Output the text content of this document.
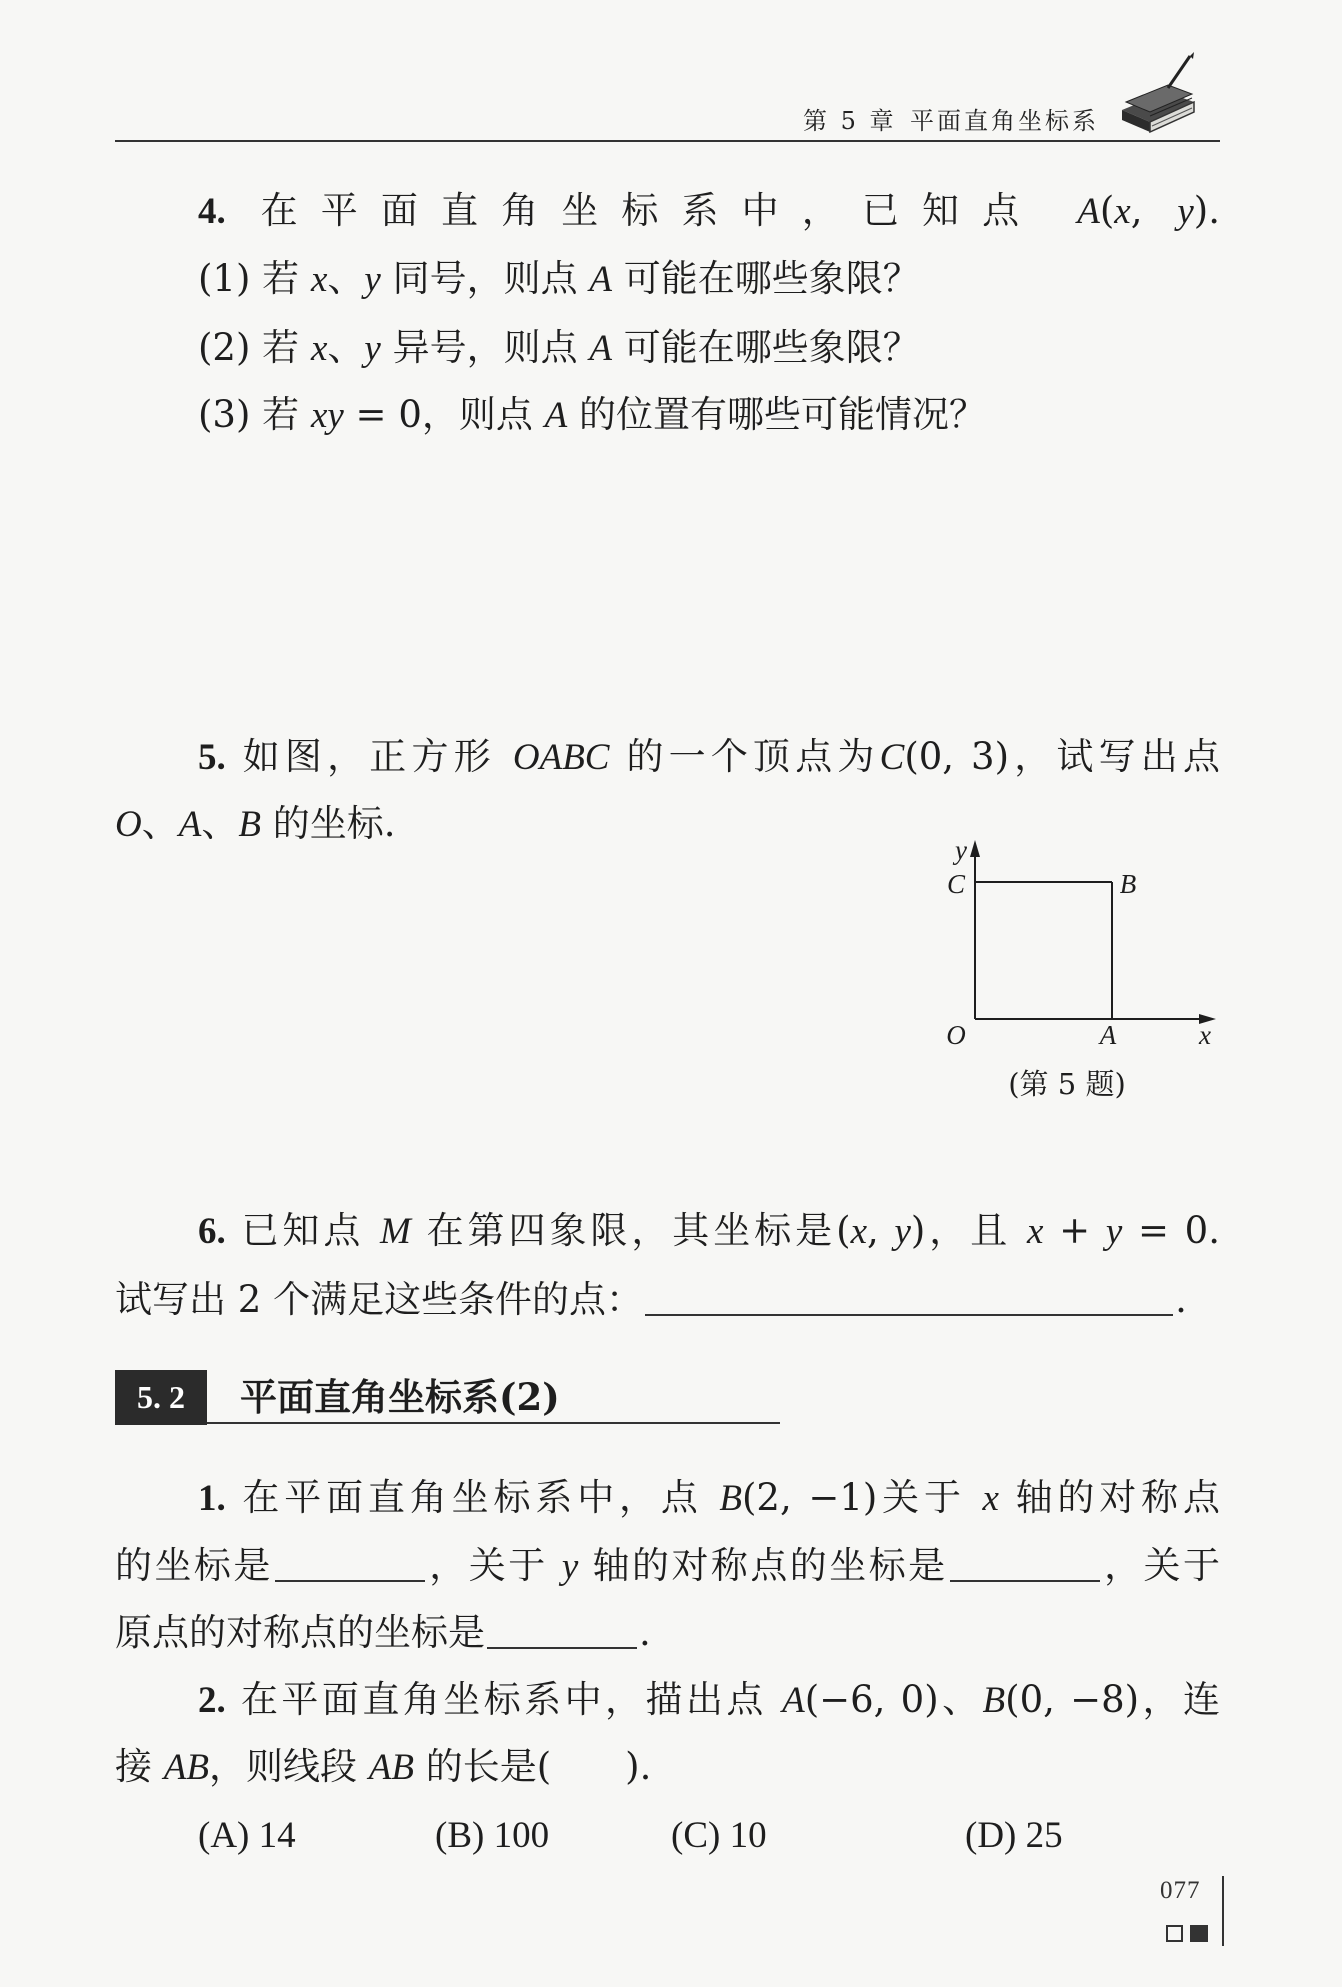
第 5 章 平面直角坐标系
4. 在平面直角坐标系中，已知点 A(x, y).
(1) 若 x、y 同号，则点 A 可能在哪些象限？
(2) 若 x、y 异号，则点 A 可能在哪些象限？
(3) 若 xy = 0，则点 A 的位置有哪些可能情况？
5. 如图，正方形 OABC 的一个顶点为C(0, 3)，试写出点
O、A、B 的坐标.
y
C	B
O	A	x
(第 5 题)
6. 已知点 M 在第四象限，其坐标是(x, y)，且 x + y = 0.
试写出 2 个满足这些条件的点：	.
5. 2	平面直角坐标系(2)
1. 在平面直角坐标系中，点 B(2, −1)关于 x 轴的对称点
的坐标是	，关于 y 轴的对称点的坐标是	，关于
原点的对称点的坐标是	.
2. 在平面直角坐标系中，描出点 A(−6, 0)、B(0, −8)，连
接 AB，则线段 AB 的长是(　　).
(A) 14	(B) 100	(C) 10	(D) 25
077
